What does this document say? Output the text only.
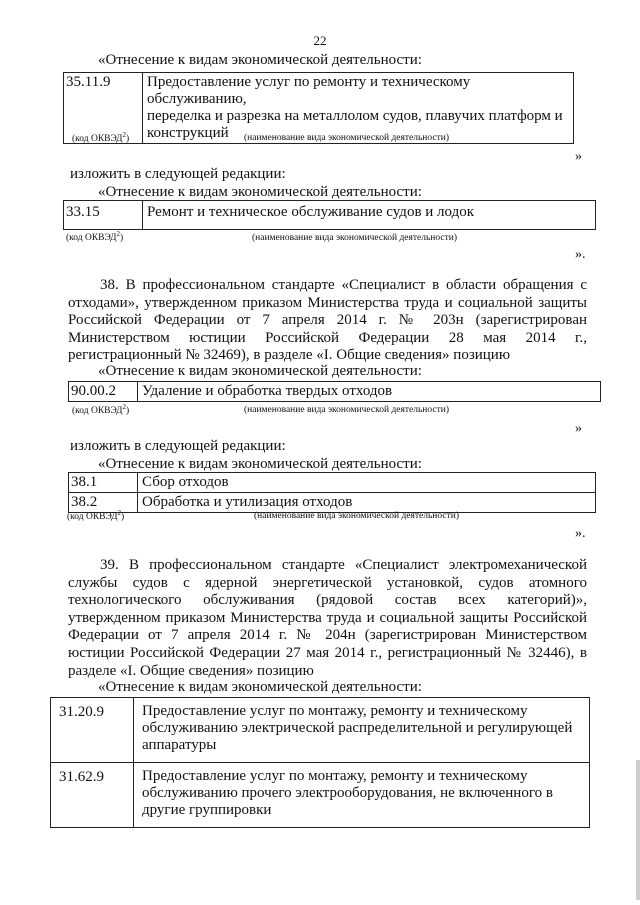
22
«Отнесение к видам экономической деятельности:
35.11.9	Предоставление услуг по ремонту и техническому обслуживанию,
переделка и разрезка на металлолом судов, плавучих платформ и
конструкций
(код ОКВЭД$^2$)	(наименование вида экономической деятельности)
»
изложить в следующей редакции:
«Отнесение к видам экономической деятельности:
33.15	Ремонт и техническое обслуживание судов и лодок
(код ОКВЭД$^2$)	(наименование вида экономической деятельности)
».
38. В профессиональном стандарте «Специалист в области обращения с
отходами», утвержденном приказом Министерства труда и социальной защиты
Российской Федерации от 7 апреля 2014 г. № 203н (зарегистрирован
Министерством юстиции Российской Федерации 28 мая 2014 г.,
регистрационный № 32469), в разделе «I. Общие сведения» позицию
«Отнесение к видам экономической деятельности:
90.00.2	Удаление и обработка твердых отходов
(код ОКВЭД$^2$)	(наименование вида экономической деятельности)
»
изложить в следующей редакции:
«Отнесение к видам экономической деятельности:
38.1	Сбор отходов
38.2	Обработка и утилизация отходов
(код ОКВЭД$^2$)	(наименование вида экономической деятельности)
».
39. В профессиональном стандарте «Специалист электромеханической
службы судов с ядерной энергетической установкой, судов атомного
технологического обслуживания (рядовой состав всех категорий)»,
утвержденном приказом Министерства труда и социальной защиты Российской
Федерации от 7 апреля 2014 г. № 204н (зарегистрирован Министерством
юстиции Российской Федерации 27 мая 2014 г., регистрационный № 32446), в
разделе «I. Общие сведения» позицию
«Отнесение к видам экономической деятельности:
31.20.9	Предоставление услуг по монтажу, ремонту и техническому
обслуживанию электрической распределительной и регулирующей
аппаратуры

31.62.9	Предоставление услуг по монтажу, ремонту и техническому
обслуживанию прочего электрооборудования, не включенного в
другие группировки
